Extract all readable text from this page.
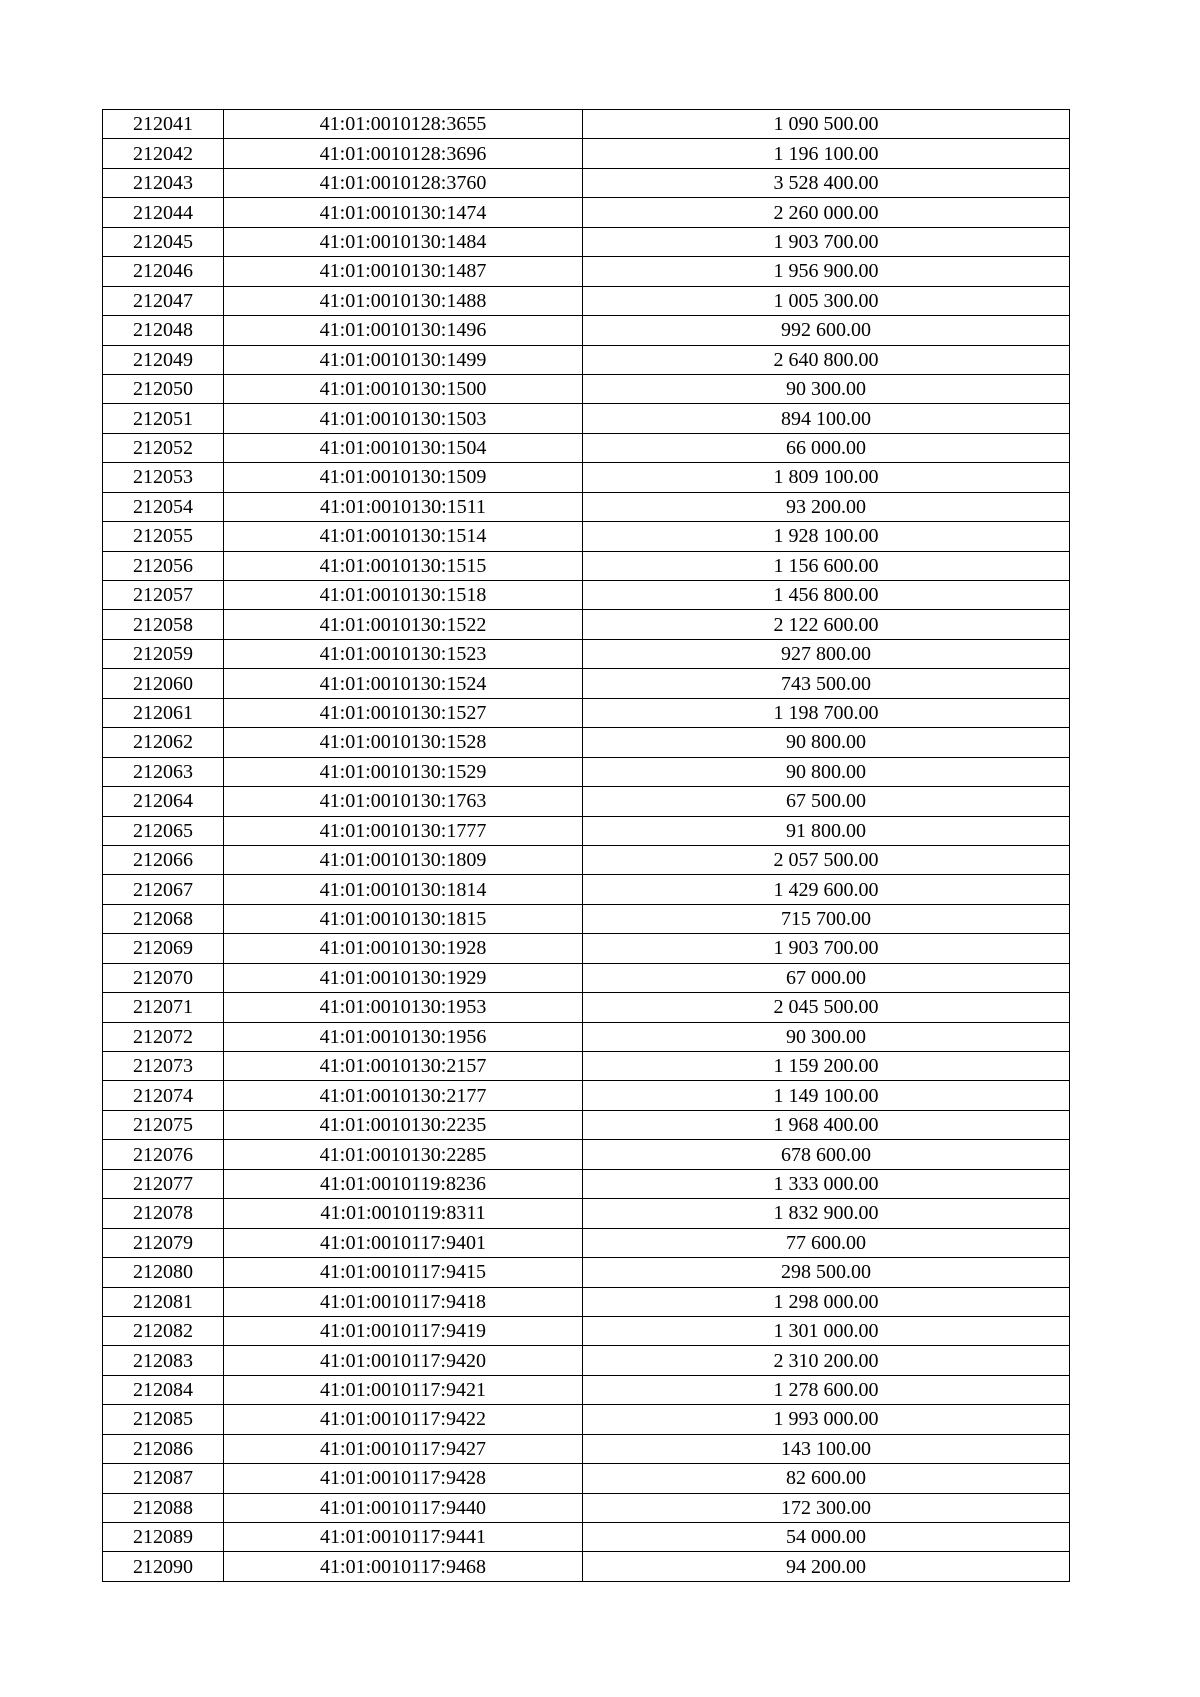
212041	41:01:0010128:3655	1 090 500.00
212042	41:01:0010128:3696	1 196 100.00
212043	41:01:0010128:3760	3 528 400.00
212044	41:01:0010130:1474	2 260 000.00
212045	41:01:0010130:1484	1 903 700.00
212046	41:01:0010130:1487	1 956 900.00
212047	41:01:0010130:1488	1 005 300.00
212048	41:01:0010130:1496	992 600.00
212049	41:01:0010130:1499	2 640 800.00
212050	41:01:0010130:1500	90 300.00
212051	41:01:0010130:1503	894 100.00
212052	41:01:0010130:1504	66 000.00
212053	41:01:0010130:1509	1 809 100.00
212054	41:01:0010130:1511	93 200.00
212055	41:01:0010130:1514	1 928 100.00
212056	41:01:0010130:1515	1 156 600.00
212057	41:01:0010130:1518	1 456 800.00
212058	41:01:0010130:1522	2 122 600.00
212059	41:01:0010130:1523	927 800.00
212060	41:01:0010130:1524	743 500.00
212061	41:01:0010130:1527	1 198 700.00
212062	41:01:0010130:1528	90 800.00
212063	41:01:0010130:1529	90 800.00
212064	41:01:0010130:1763	67 500.00
212065	41:01:0010130:1777	91 800.00
212066	41:01:0010130:1809	2 057 500.00
212067	41:01:0010130:1814	1 429 600.00
212068	41:01:0010130:1815	715 700.00
212069	41:01:0010130:1928	1 903 700.00
212070	41:01:0010130:1929	67 000.00
212071	41:01:0010130:1953	2 045 500.00
212072	41:01:0010130:1956	90 300.00
212073	41:01:0010130:2157	1 159 200.00
212074	41:01:0010130:2177	1 149 100.00
212075	41:01:0010130:2235	1 968 400.00
212076	41:01:0010130:2285	678 600.00
212077	41:01:0010119:8236	1 333 000.00
212078	41:01:0010119:8311	1 832 900.00
212079	41:01:0010117:9401	77 600.00
212080	41:01:0010117:9415	298 500.00
212081	41:01:0010117:9418	1 298 000.00
212082	41:01:0010117:9419	1 301 000.00
212083	41:01:0010117:9420	2 310 200.00
212084	41:01:0010117:9421	1 278 600.00
212085	41:01:0010117:9422	1 993 000.00
212086	41:01:0010117:9427	143 100.00
212087	41:01:0010117:9428	82 600.00
212088	41:01:0010117:9440	172 300.00
212089	41:01:0010117:9441	54 000.00
212090	41:01:0010117:9468	94 200.00
